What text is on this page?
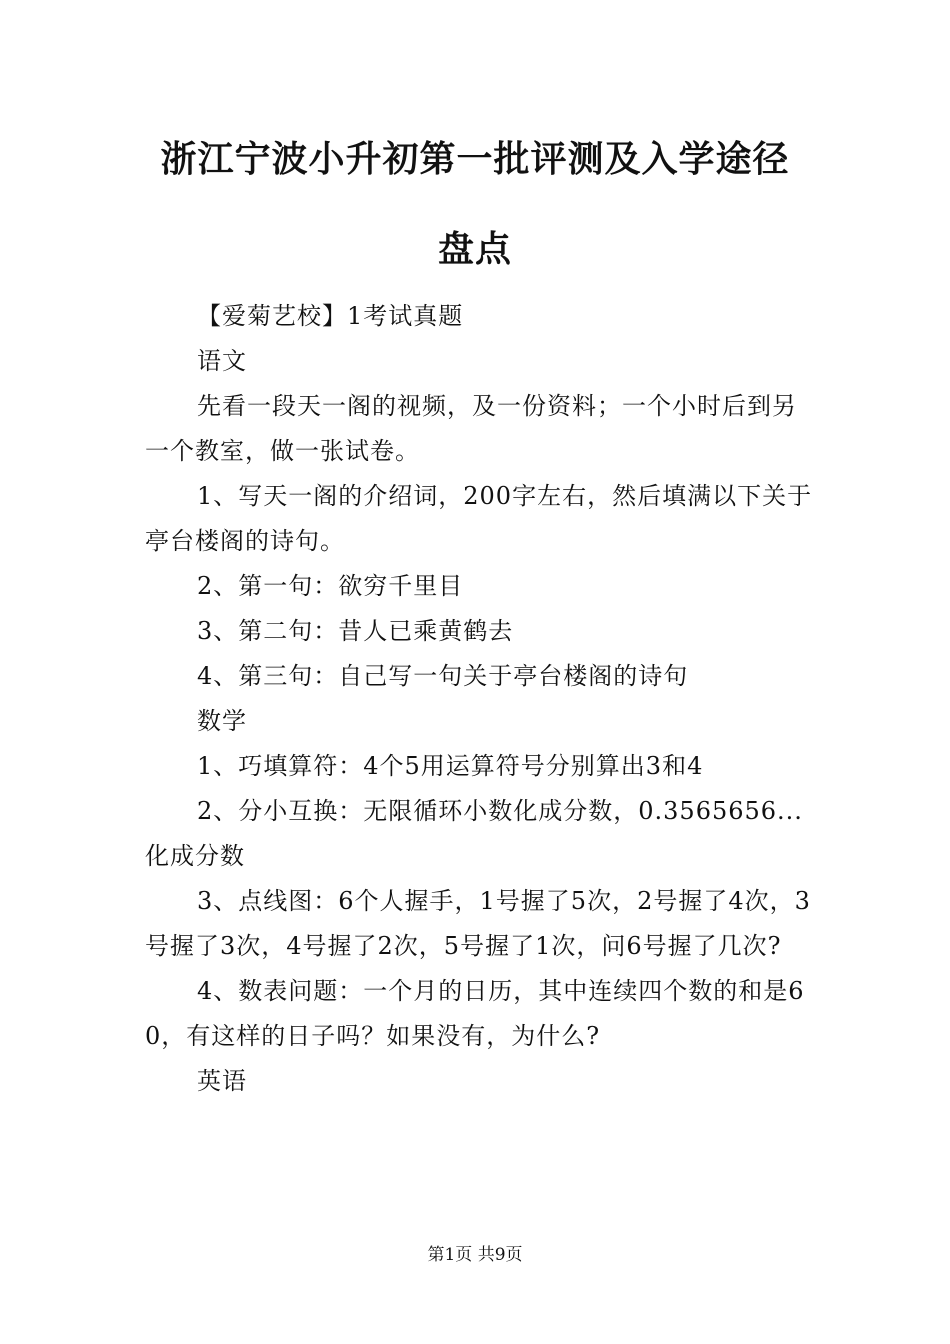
浙江宁波小升初第一批评测及入学途径
盘点

【爱菊艺校】1考试真题

语文

先看一段天一阁的视频，及一份资料；一个小时后到另一个教室，做一张试卷。

1、写天一阁的介绍词，200字左右，然后填满以下关于亭台楼阁的诗句。

2、第一句：欲穷千里目

3、第二句：昔人已乘黄鹤去

4、第三句：自己写一句关于亭台楼阁的诗句

数学

1、巧填算符：4个5用运算符号分别算出3和4

2、分小互换：无限循环小数化成分数，0.3565656...化成分数

3、点线图：6个人握手，1号握了5次，2号握了4次，3号握了3次，4号握了2次，5号握了1次，问6号握了几次?

4、数表问题：一个月的日历，其中连续四个数的和是60，有这样的日子吗？如果没有，为什么?

英语

第1页 共9页
